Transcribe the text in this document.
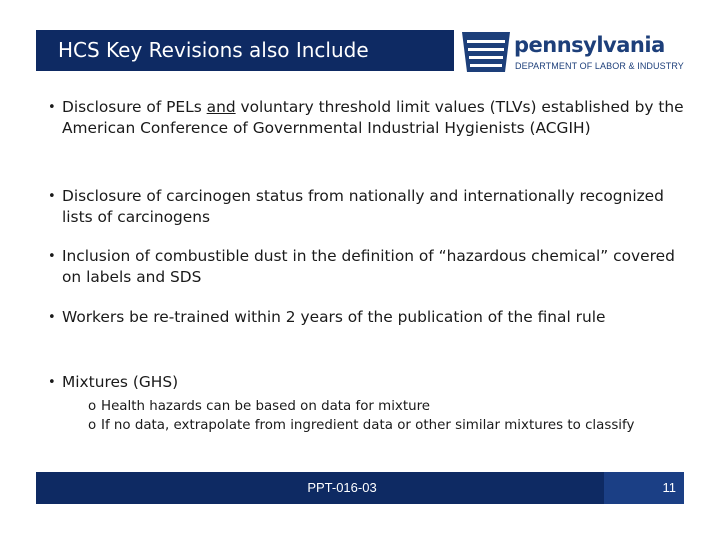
HCS Key Revisions also Include	pennsylvania
DEPARTMENT OF LABOR & INDUSTRY
• Disclosure of PELs and voluntary threshold limit values (TLVs) established by the American Conference of Governmental Industrial Hygienists (ACGIH)
• Disclosure of carcinogen status from nationally and internationally recognized lists of carcinogens
• Inclusion of combustible dust in the definition of “hazardous chemical” covered on labels and SDS
• Workers be re-trained within 2 years of the publication of the final rule
• Mixtures (GHS)
o Health hazards can be based on data for mixture
o If no data, extrapolate from ingredient data or other similar mixtures to classify
PPT-016-03	11
